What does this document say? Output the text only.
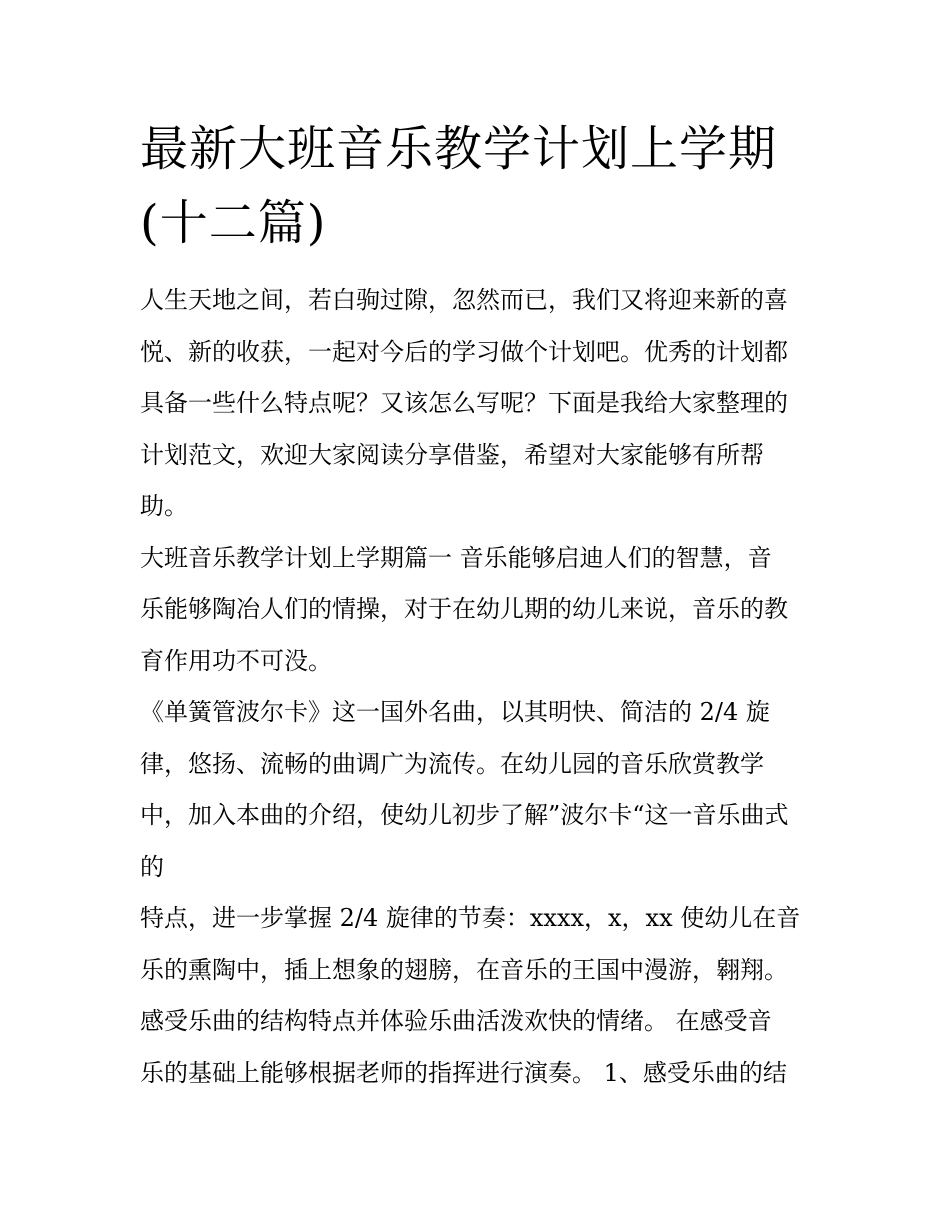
最新大班音乐教学计划上学期
(十二篇)
人生天地之间，若白驹过隙，忽然而已，我们又将迎来新的喜
悦、新的收获，一起对今后的学习做个计划吧。优秀的计划都
具备一些什么特点呢？又该怎么写呢？下面是我给大家整理的
计划范文，欢迎大家阅读分享借鉴，希望对大家能够有所帮
助。
大班音乐教学计划上学期篇一 音乐能够启迪人们的智慧，音
乐能够陶冶人们的情操，对于在幼儿期的幼儿来说，音乐的教
育作用功不可没。
《单簧管波尔卡》这一国外名曲，以其明快、简洁的 2/4 旋
律，悠扬、流畅的曲调广为流传。在幼儿园的音乐欣赏教学
中，加入本曲的介绍，使幼儿初步了解”波尔卡“这一音乐曲式
的
特点，进一步掌握 2/4 旋律的节奏：xxxx，x，xx 使幼儿在音
乐的熏陶中，插上想象的翅膀，在音乐的王国中漫游，翱翔。
感受乐曲的结构特点并体验乐曲活泼欢快的情绪。 在感受音
乐的基础上能够根据老师的指挥进行演奏。 1、感受乐曲的结
